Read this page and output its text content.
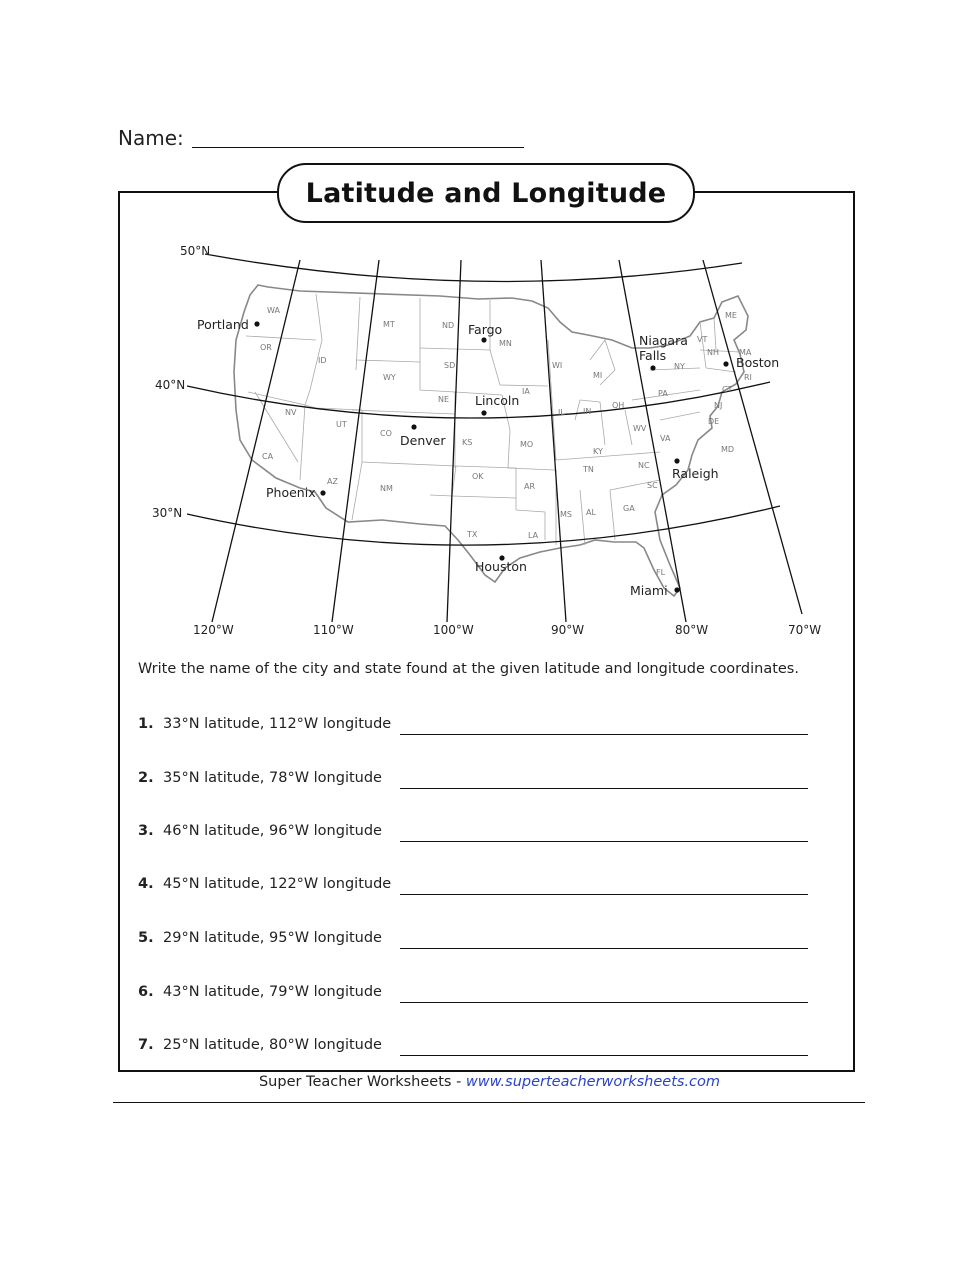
Name:
50°N
40°N
30°N
120°W	110°W	100°W	90°W	80°W	70°W
WA
OR
CA
ID
NV
AZ
MT
WY
UT
CO
NM
ND
SD
NE
KS
OK
TX
MN
IA
MO
AR
LA
WI
IL
MI
IN
OH
KY
TN
MS AL	GA
FL
SC
NC
VA
WV
PA
NY
VT
NH
ME
MA
RI
CT
NJ
DE
MD
Portland	Fargo
Niagara
Falls	Boston
Lincoln
Denver
Raleigh
Phoenix
Houston
Miami
Latitude and Longitude
Write the name of the city and state found at the given latitude and longitude coordinates.
1. 33°N latitude, 112°W longitude
2. 35°N latitude, 78°W longitude
3. 46°N latitude, 96°W longitude
4. 45°N latitude, 122°W longitude
5. 29°N latitude, 95°W longitude
6. 43°N latitude, 79°W longitude
7. 25°N latitude, 80°W longitude
Super Teacher Worksheets - www.superteacherworksheets.com
